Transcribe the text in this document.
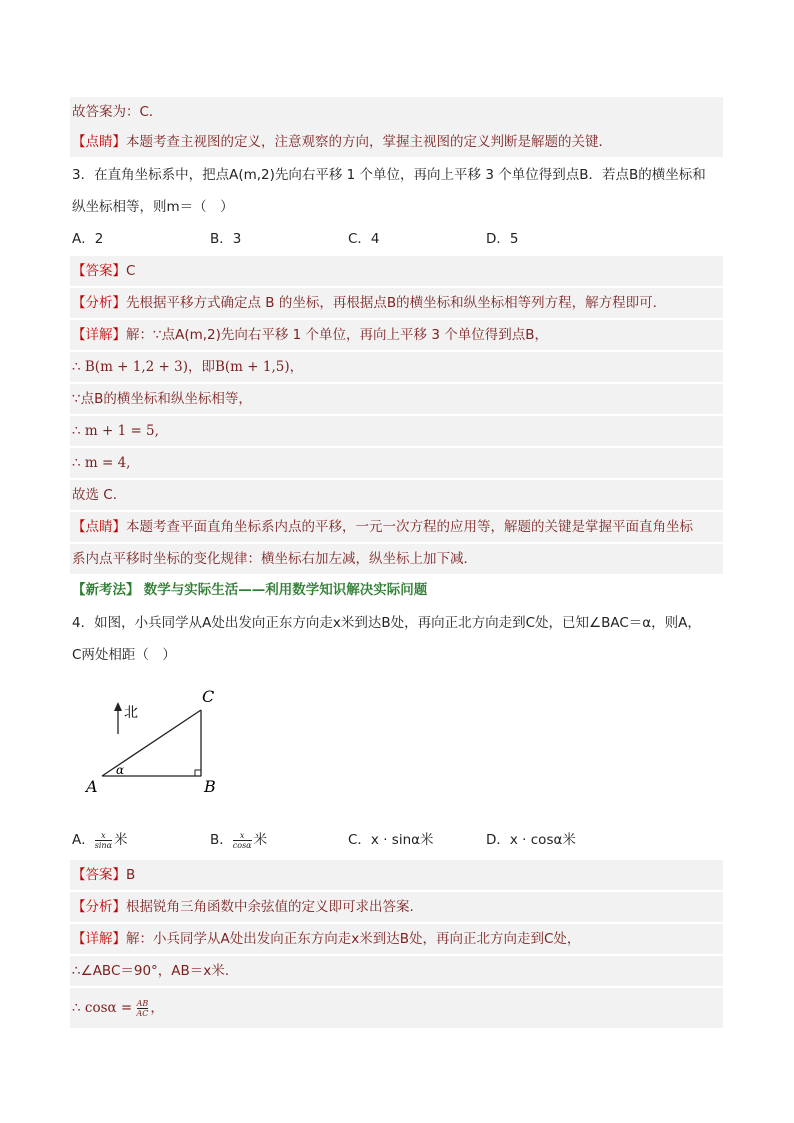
故答案为：C．
【点睛】本题考查主视图的定义，注意观察的方向，掌握主视图的定义判断是解题的关键．
3．在直角坐标系中，把点A(m,2)先向右平移 1 个单位，再向上平移 3 个单位得到点B．若点B的横坐标和
纵坐标相等，则m＝（　）
A．2	B．3	C．4	D．5
【答案】C
【分析】先根据平移方式确定点 B 的坐标，再根据点B的横坐标和纵坐标相等列方程，解方程即可．
【详解】解：∵点A(m,2)先向右平移 1 个单位，再向上平移 3 个单位得到点B，
∴ B(m + 1,2 + 3)，即B(m + 1,5)，
∵点B的横坐标和纵坐标相等，
∴ m + 1 = 5,
∴ m = 4,
故选 C．
【点睛】本题考查平面直角坐标系内点的平移，一元一次方程的应用等，解题的关键是掌握平面直角坐标
系内点平移时坐标的变化规律：横坐标右加左减，纵坐标上加下减．
【新考法】 数学与实际生活——利用数学知识解决实际问题
4．如图，小兵同学从A处出发向正东方向走x米到达B处，再向正北方向走到C处，已知∠BAC＝α，则A，
C两处相距（　）
北
α
A	B
C
A． $\frac{x}{\sin\alpha}$ 米	B． $\frac{x}{\cos\alpha}$ 米	C．x · sinα米	D．x · cosα米
【答案】B
【分析】根据锐角三角函数中余弦值的定义即可求出答案.
【详解】解：小兵同学从A处出发向正东方向走x米到达B处，再向正北方向走到C处，
∴∠ABC＝90°，AB＝x米.
∴ $\cos\alpha = \frac{AB}{AC}$ ，
